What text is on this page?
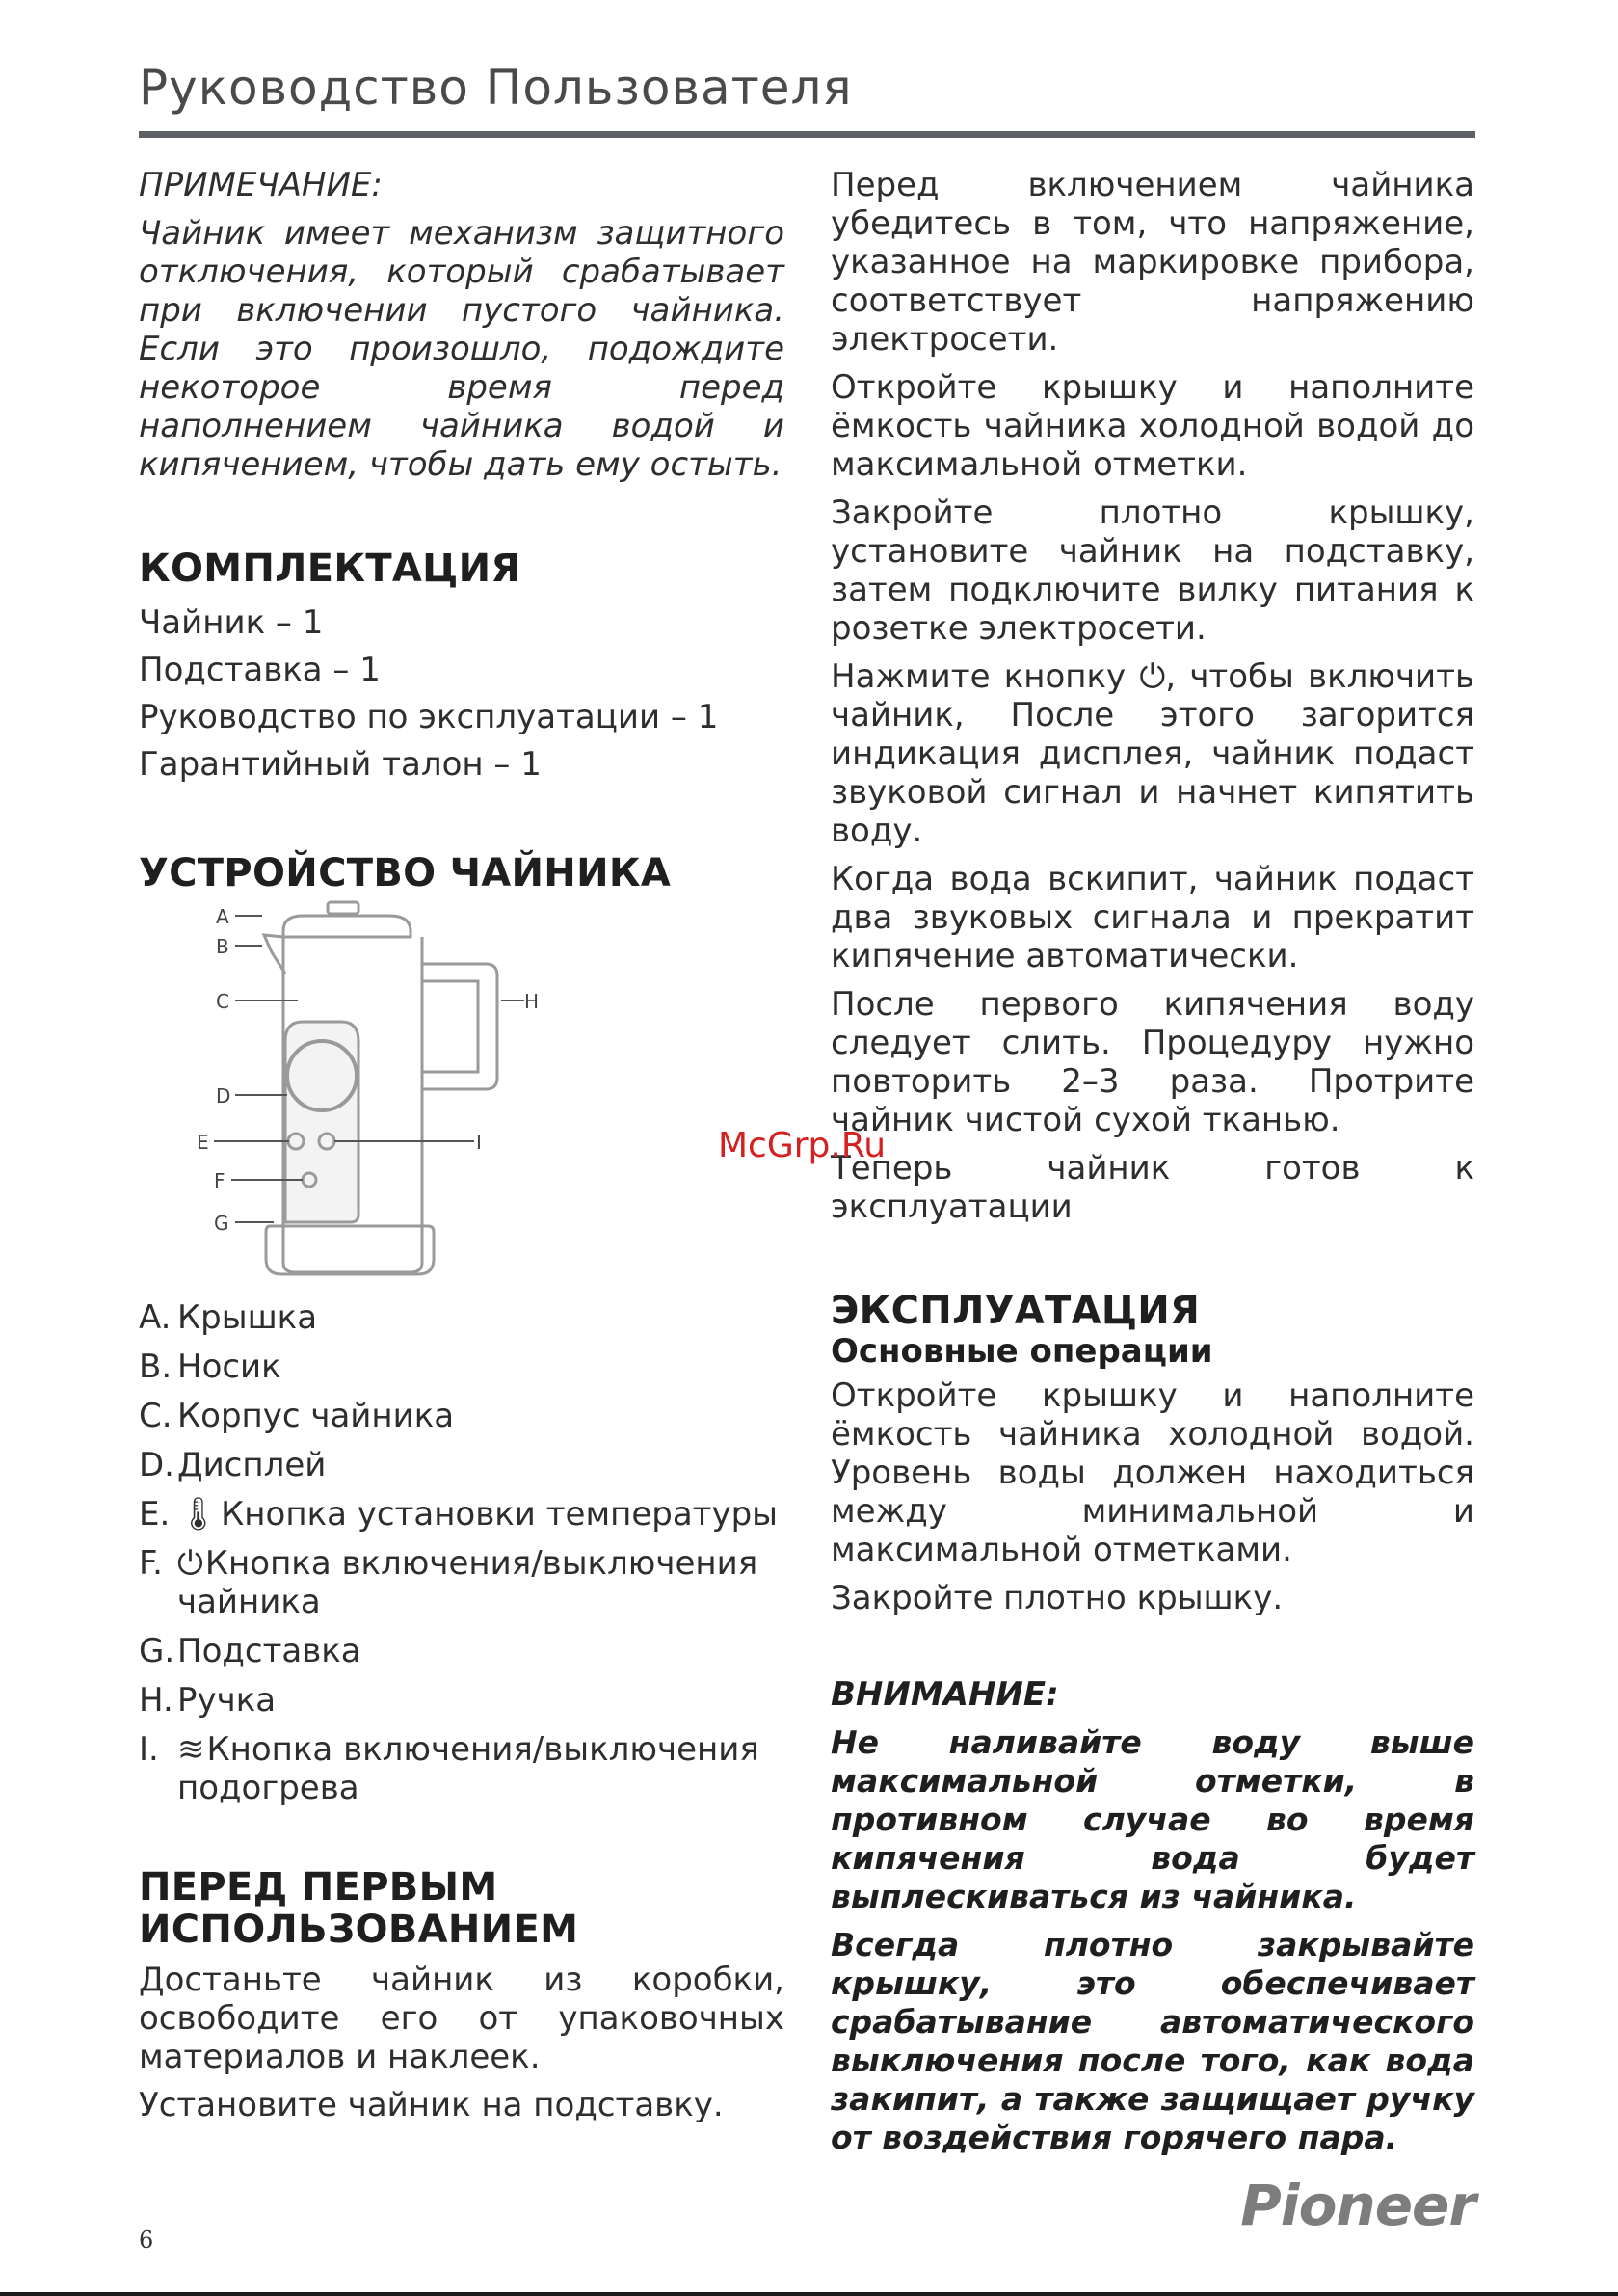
Руководство Пользователя

ПРИМЕЧАНИЕ:

Чайник имеет механизм защитного отключения, который срабатывает при включении пустого чайника. Если это произошло, подождите некоторое время перед наполнением чайника водой и кипячением, чтобы дать ему остыть.

КОМПЛЕКТАЦИЯ
Чайник – 1
Подставка – 1
Руководство по эксплуатации – 1
Гарантийный талон – 1
УСТРОЙСТВО ЧАЙНИКА
A
B
C
D
E
F
G
H
I
A. Крышка
B. Носик
C. Корпус чайника
D. Дисплей
E. 🌡Кнопка установки температуры
F. ⏻Кнопка включения/выключения чайника
G. Подставка
H. Ручка
I. ≋Кнопка включения/выключения подогрева
ПЕРЕД ПЕРВЫМ
ИСПОЛЬЗОВАНИЕМ

Достаньте чайник из коробки, освободите его от упаковочных материалов и наклеек.

Установите чайник на подставку.

Перед включением чайника убедитесь в том, что напряжение, указанное на маркировке прибора, соответствует напряжению электросети.

Откройте крышку и наполните ёмкость чайника холодной водой до максимальной отметки.

Закройте плотно крышку, установите чайник на подставку, затем подключите вилку питания к розетке электросети.

Нажмите кнопку ⏻, чтобы включить чайник, После этого загорится индикация дисплея, чайник подаст звуковой сигнал и начнет кипятить воду.

Когда вода вскипит, чайник подаст два звуковых сигнала и прекратит кипячение автоматически.

После первого кипячения воду следует слить. Процедуру нужно повторить 2–3 раза. Протрите чайник чистой сухой тканью.

Теперь чайник готов к эксплуатации

ЭКСПЛУАТАЦИЯ
Основные операции

Откройте крышку и наполните ёмкость чайника холодной водой. Уровень воды должен находиться между минимальной и максимальной отметками.

Закройте плотно крышку.

ВНИМАНИЕ:

Не наливайте воду выше максимальной отметки, в противном случае во время кипячения вода будет выплескиваться из чайника.

Всегда плотно закрывайте крышку, это обеспечивает срабатывание автоматического выключения после того, как вода закипит, а также защищает ручку от воздействия горячего пара.

McGrp.Ru
6
Pioneer
